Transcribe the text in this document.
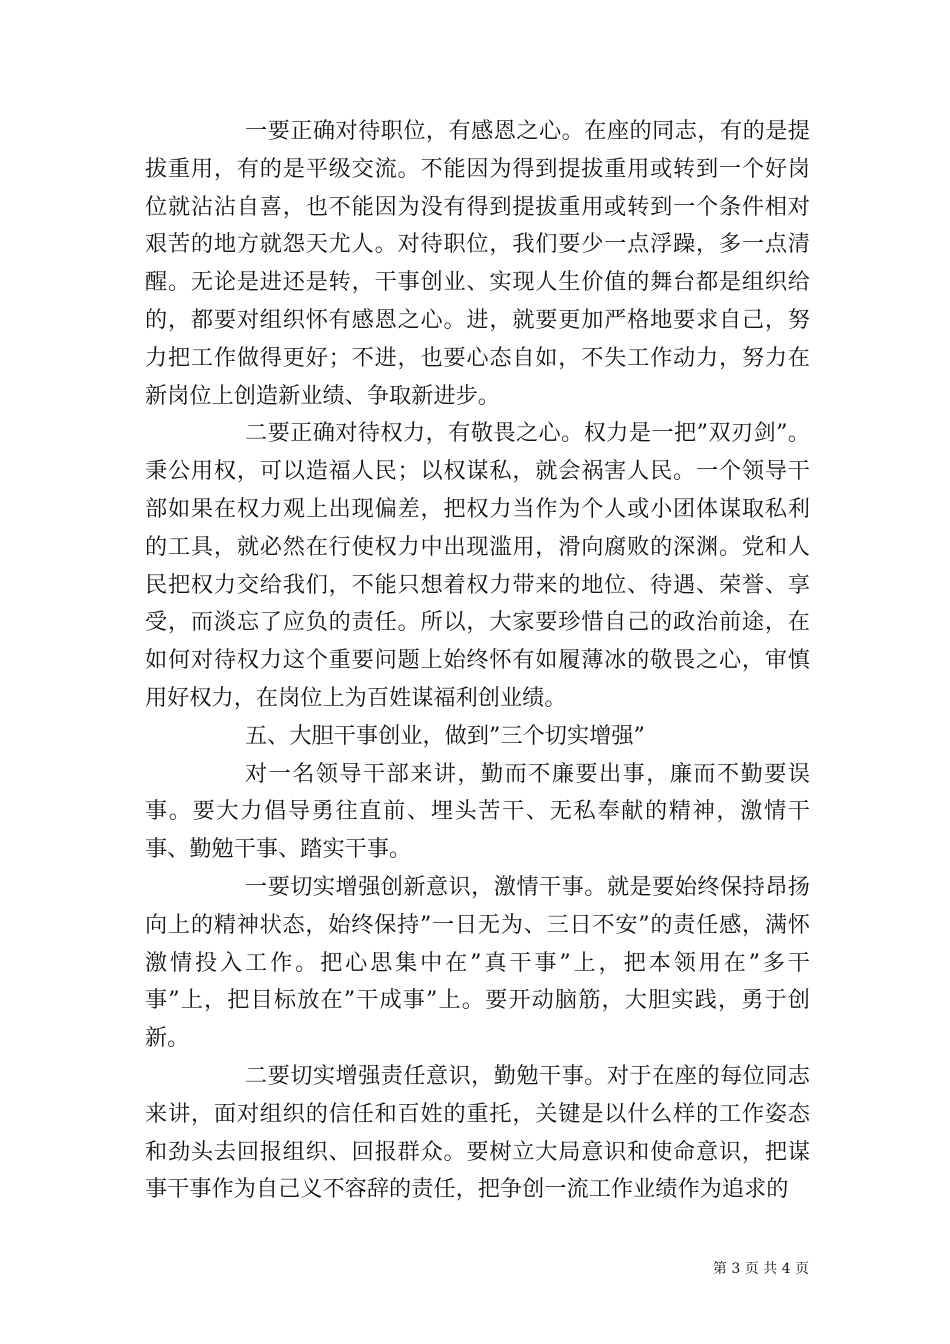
一要正确对待职位，有感恩之心。在座的同志，有的是提拔重用，有的是平级交流。不能因为得到提拔重用或转到一个好岗位就沾沾自喜，也不能因为没有得到提拔重用或转到一个条件相对艰苦的地方就怨天尤人。对待职位，我们要少一点浮躁，多一点清醒。无论是进还是转，干事创业、实现人生价值的舞台都是组织给的，都要对组织怀有感恩之心。进，就要更加严格地要求自己，努力把工作做得更好；不进，也要心态自如，不失工作动力，努力在新岗位上创造新业绩、争取新进步。

二要正确对待权力，有敬畏之心。权力是一把”双刃剑”。秉公用权，可以造福人民；以权谋私，就会祸害人民。一个领导干部如果在权力观上出现偏差，把权力当作为个人或小团体谋取私利的工具，就必然在行使权力中出现滥用，滑向腐败的深渊。党和人民把权力交给我们，不能只想着权力带来的地位、待遇、荣誉、享受，而淡忘了应负的责任。所以，大家要珍惜自己的政治前途，在如何对待权力这个重要问题上始终怀有如履薄冰的敬畏之心，审慎用好权力，在岗位上为百姓谋福利创业绩。

五、大胆干事创业，做到”三个切实增强”

对一名领导干部来讲，勤而不廉要出事，廉而不勤要误事。要大力倡导勇往直前、埋头苦干、无私奉献的精神，激情干事、勤勉干事、踏实干事。

一要切实增强创新意识，激情干事。就是要始终保持昂扬向上的精神状态，始终保持”一日无为、三日不安”的责任感，满怀激情投入工作。把心思集中在”真干事”上，把本领用在”多干事”上，把目标放在”干成事”上。要开动脑筋，大胆实践，勇于创新。

二要切实增强责任意识，勤勉干事。对于在座的每位同志来讲，面对组织的信任和百姓的重托，关键是以什么样的工作姿态和劲头去回报组织、回报群众。要树立大局意识和使命意识，把谋事干事作为自己义不容辞的责任，把争创一流工作业绩作为追求的

第 3 页 共 4 页
